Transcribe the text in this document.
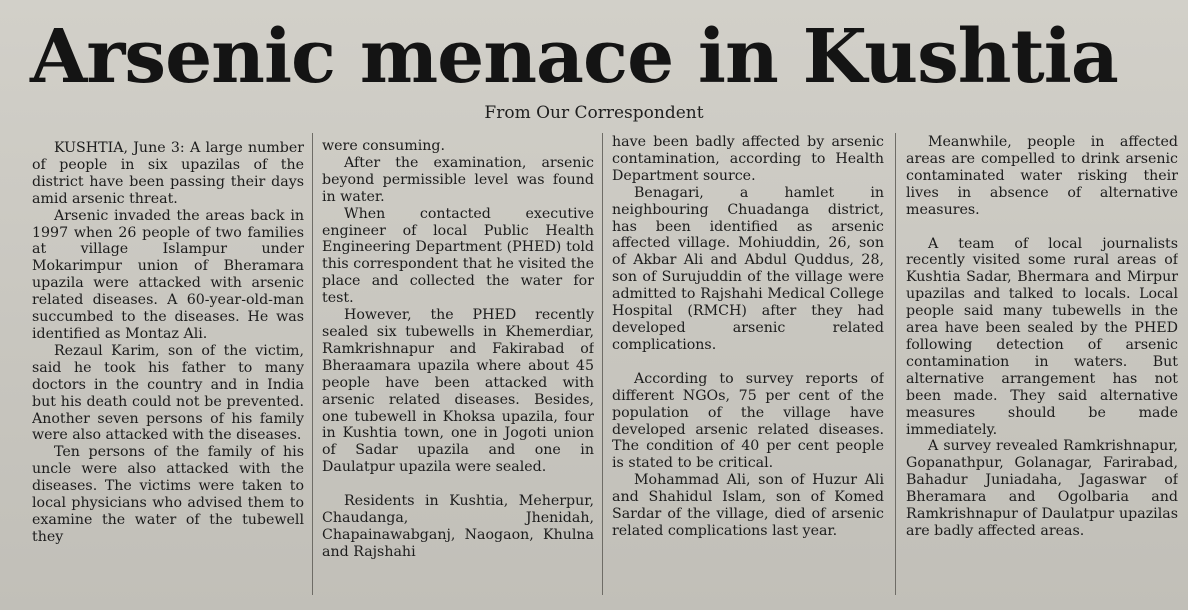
Arsenic menace in Kushtia
From Our Correspondent

KUSHTIA, June 3: A large number of people in six upazilas of the district have been passing their days amid arsenic threat.

Arsenic invaded the areas back in 1997 when 26 people of two families at village Islampur under Mokarimpur union of Bheramara upazila were attacked with arsenic related diseases. A 60-year-old-man succumbed to the diseases. He was identified as Montaz Ali.

Rezaul Karim, son of the victim, said he took his father to many doctors in the country and in India but his death could not be prevented. Another seven persons of his family were also attacked with the diseases.

Ten persons of the family of his uncle were also attacked with the diseases. The victims were taken to local physicians who advised them to examine the water of the tubewell they

were consuming.

After the examination, arsenic beyond permissible level was found in water.

When contacted executive engineer of local Public Health Engineering Department (PHED) told this correspondent that he visited the place and collected the water for test.

However, the PHED recently sealed six tubewells in Khemerdiar, Ramkrishnapur and Fakirabad of Bheraamara upazila where about 45 people have been attacked with arsenic related diseases. Besides, one tubewell in Khoksa upazila, four in Kushtia town, one in Jogoti union of Sadar upazila and one in Daulatpur upazila were sealed.

Residents in Kushtia, Meherpur, Chaudanga, Jhenidah, Chapainawabganj, Naogaon, Khulna and Rajshahi

have been badly affected by arsenic contamination, according to Health Department source.

Benagari, a hamlet in neighbouring Chuadanga district, has been identified as arsenic affected village. Mohiuddin, 26, son of Akbar Ali and Abdul Quddus, 28, son of Surujuddin of the village were admitted to Rajshahi Medical College Hospital (RMCH) after they had developed arsenic related complications.

According to survey reports of different NGOs, 75 per cent of the population of the village have developed arsenic related diseases. The condition of 40 per cent people is stated to be critical.

Mohammad Ali, son of Huzur Ali and Shahidul Islam, son of Komed Sardar of the village, died of arsenic related complications last year.

Meanwhile, people in affected areas are compelled to drink arsenic contaminated water risking their lives in absence of alternative measures.

A team of local journalists recently visited some rural areas of Kushtia Sadar, Bhermara and Mirpur upazilas and talked to locals. Local people said many tubewells in the area have been sealed by the PHED following detection of arsenic contamination in waters. But alternative arrangement has not been made. They said alternative measures should be made immediately.

A survey revealed Ramkrishnapur, Gopanathpur, Golanagar, Farirabad, Bahadur Juniadaha, Jagaswar of Bheramara and Ogolbaria and Ramkrishnapur of Daulatpur upazilas are badly affected areas.
